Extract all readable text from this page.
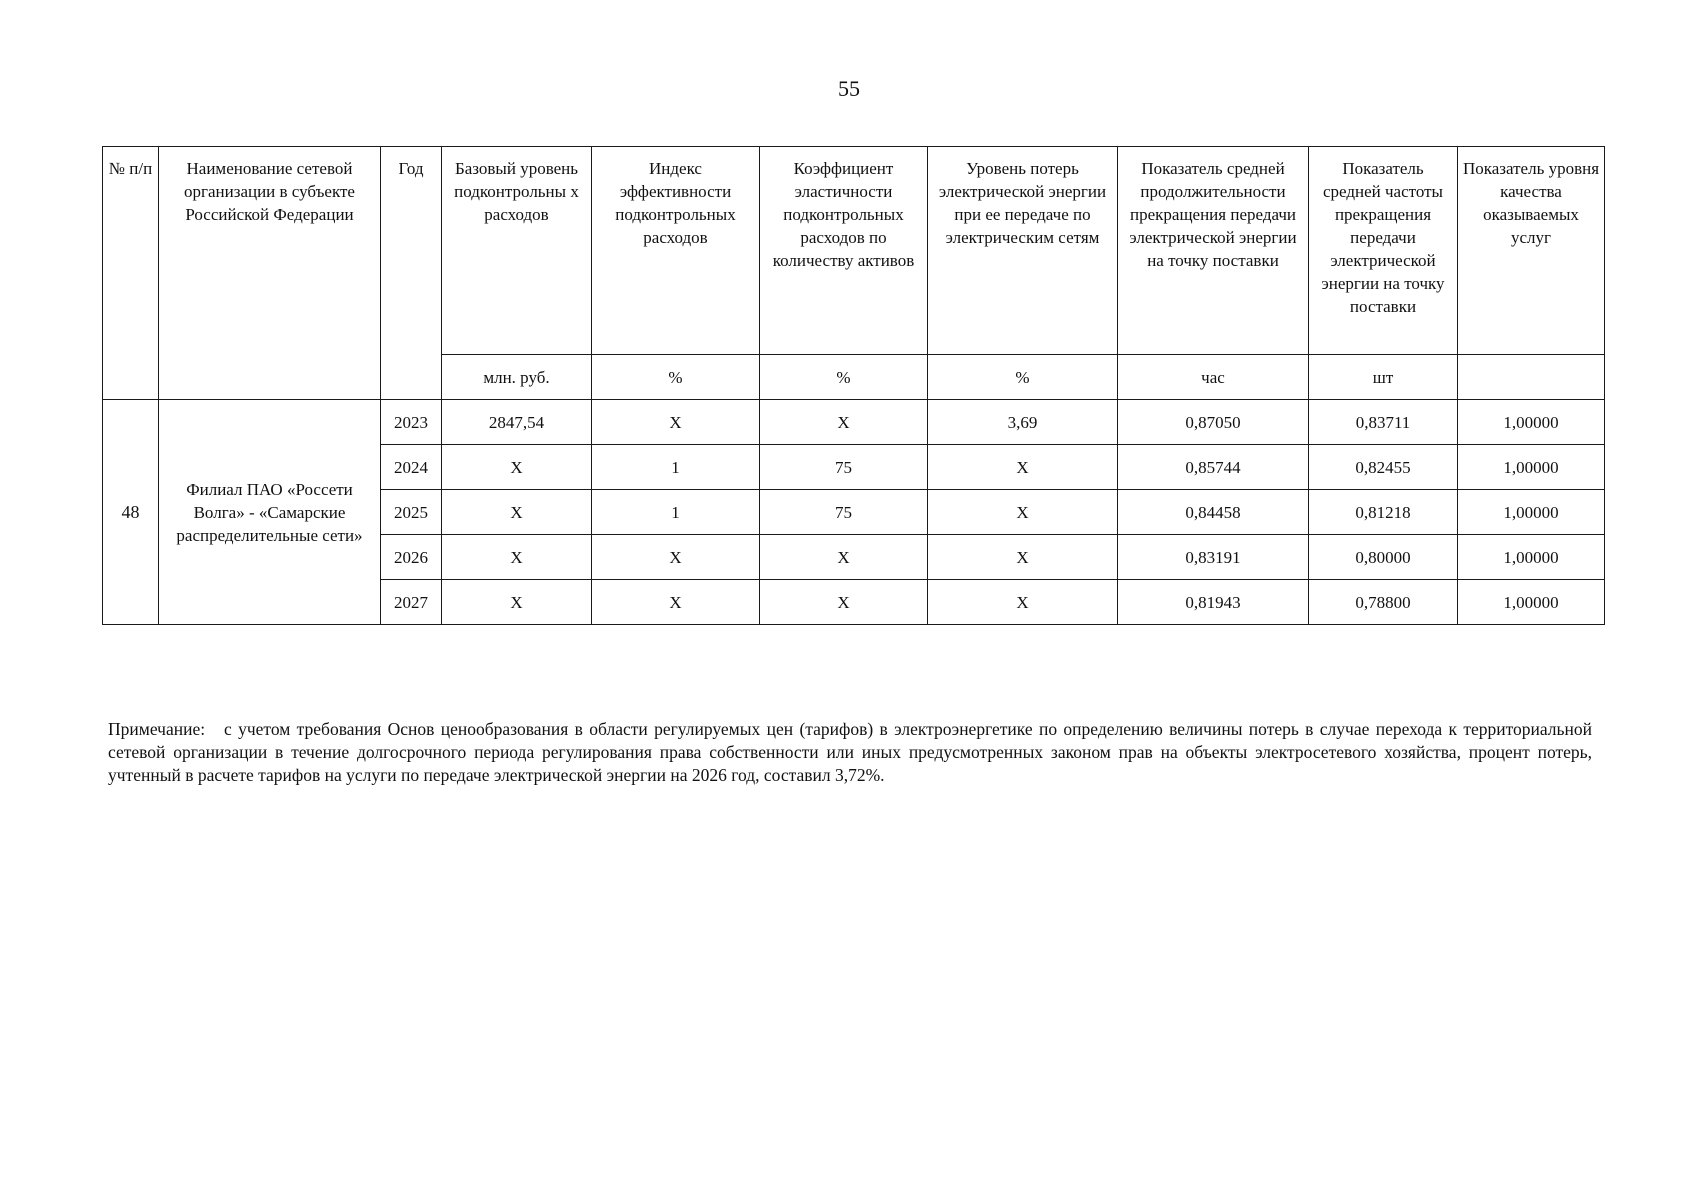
55
№ п/п	Наименование сетевой организации в субъекте Российской Федерации	Год	Базовый уровень подконтрольны х расходов	Индекс эффективности подконтрольных расходов	Коэффициент эластичности подконтрольных расходов по количеству активов	Уровень потерь электрической энергии при ее передаче по электрическим сетям	Показатель средней продолжительности прекращения передачи электрической энергии на точку поставки	Показатель средней частоты прекращения передачи электрической энергии на точку поставки	Показатель уровня качества оказываемых услуг
			млн. руб.	%	%	%	час	шт	
48	Филиал ПАО «Россети Волга» - «Самарские распределительные сети»	2023	2847,54	X	X	3,69	0,87050	0,83711	1,00000
		2024	X	1	75	X	0,85744	0,82455	1,00000
		2025	X	1	75	X	0,84458	0,81218	1,00000
		2026	X	X	X	X	0,83191	0,80000	1,00000
		2027	X	X	X	X	0,81943	0,78800	1,00000
Примечание:	с учетом требования Основ ценообразования в области регулируемых цен (тарифов) в электроэнергетике по определению величины потерь в случае перехода к территориальной сетевой организации в течение долгосрочного периода регулирования права собственности или иных предусмотренных законом прав на объекты электросетевого хозяйства, процент потерь, учтенный в расчете тарифов на услуги по передаче электрической энергии на 2026 год, составил 3,72%.
